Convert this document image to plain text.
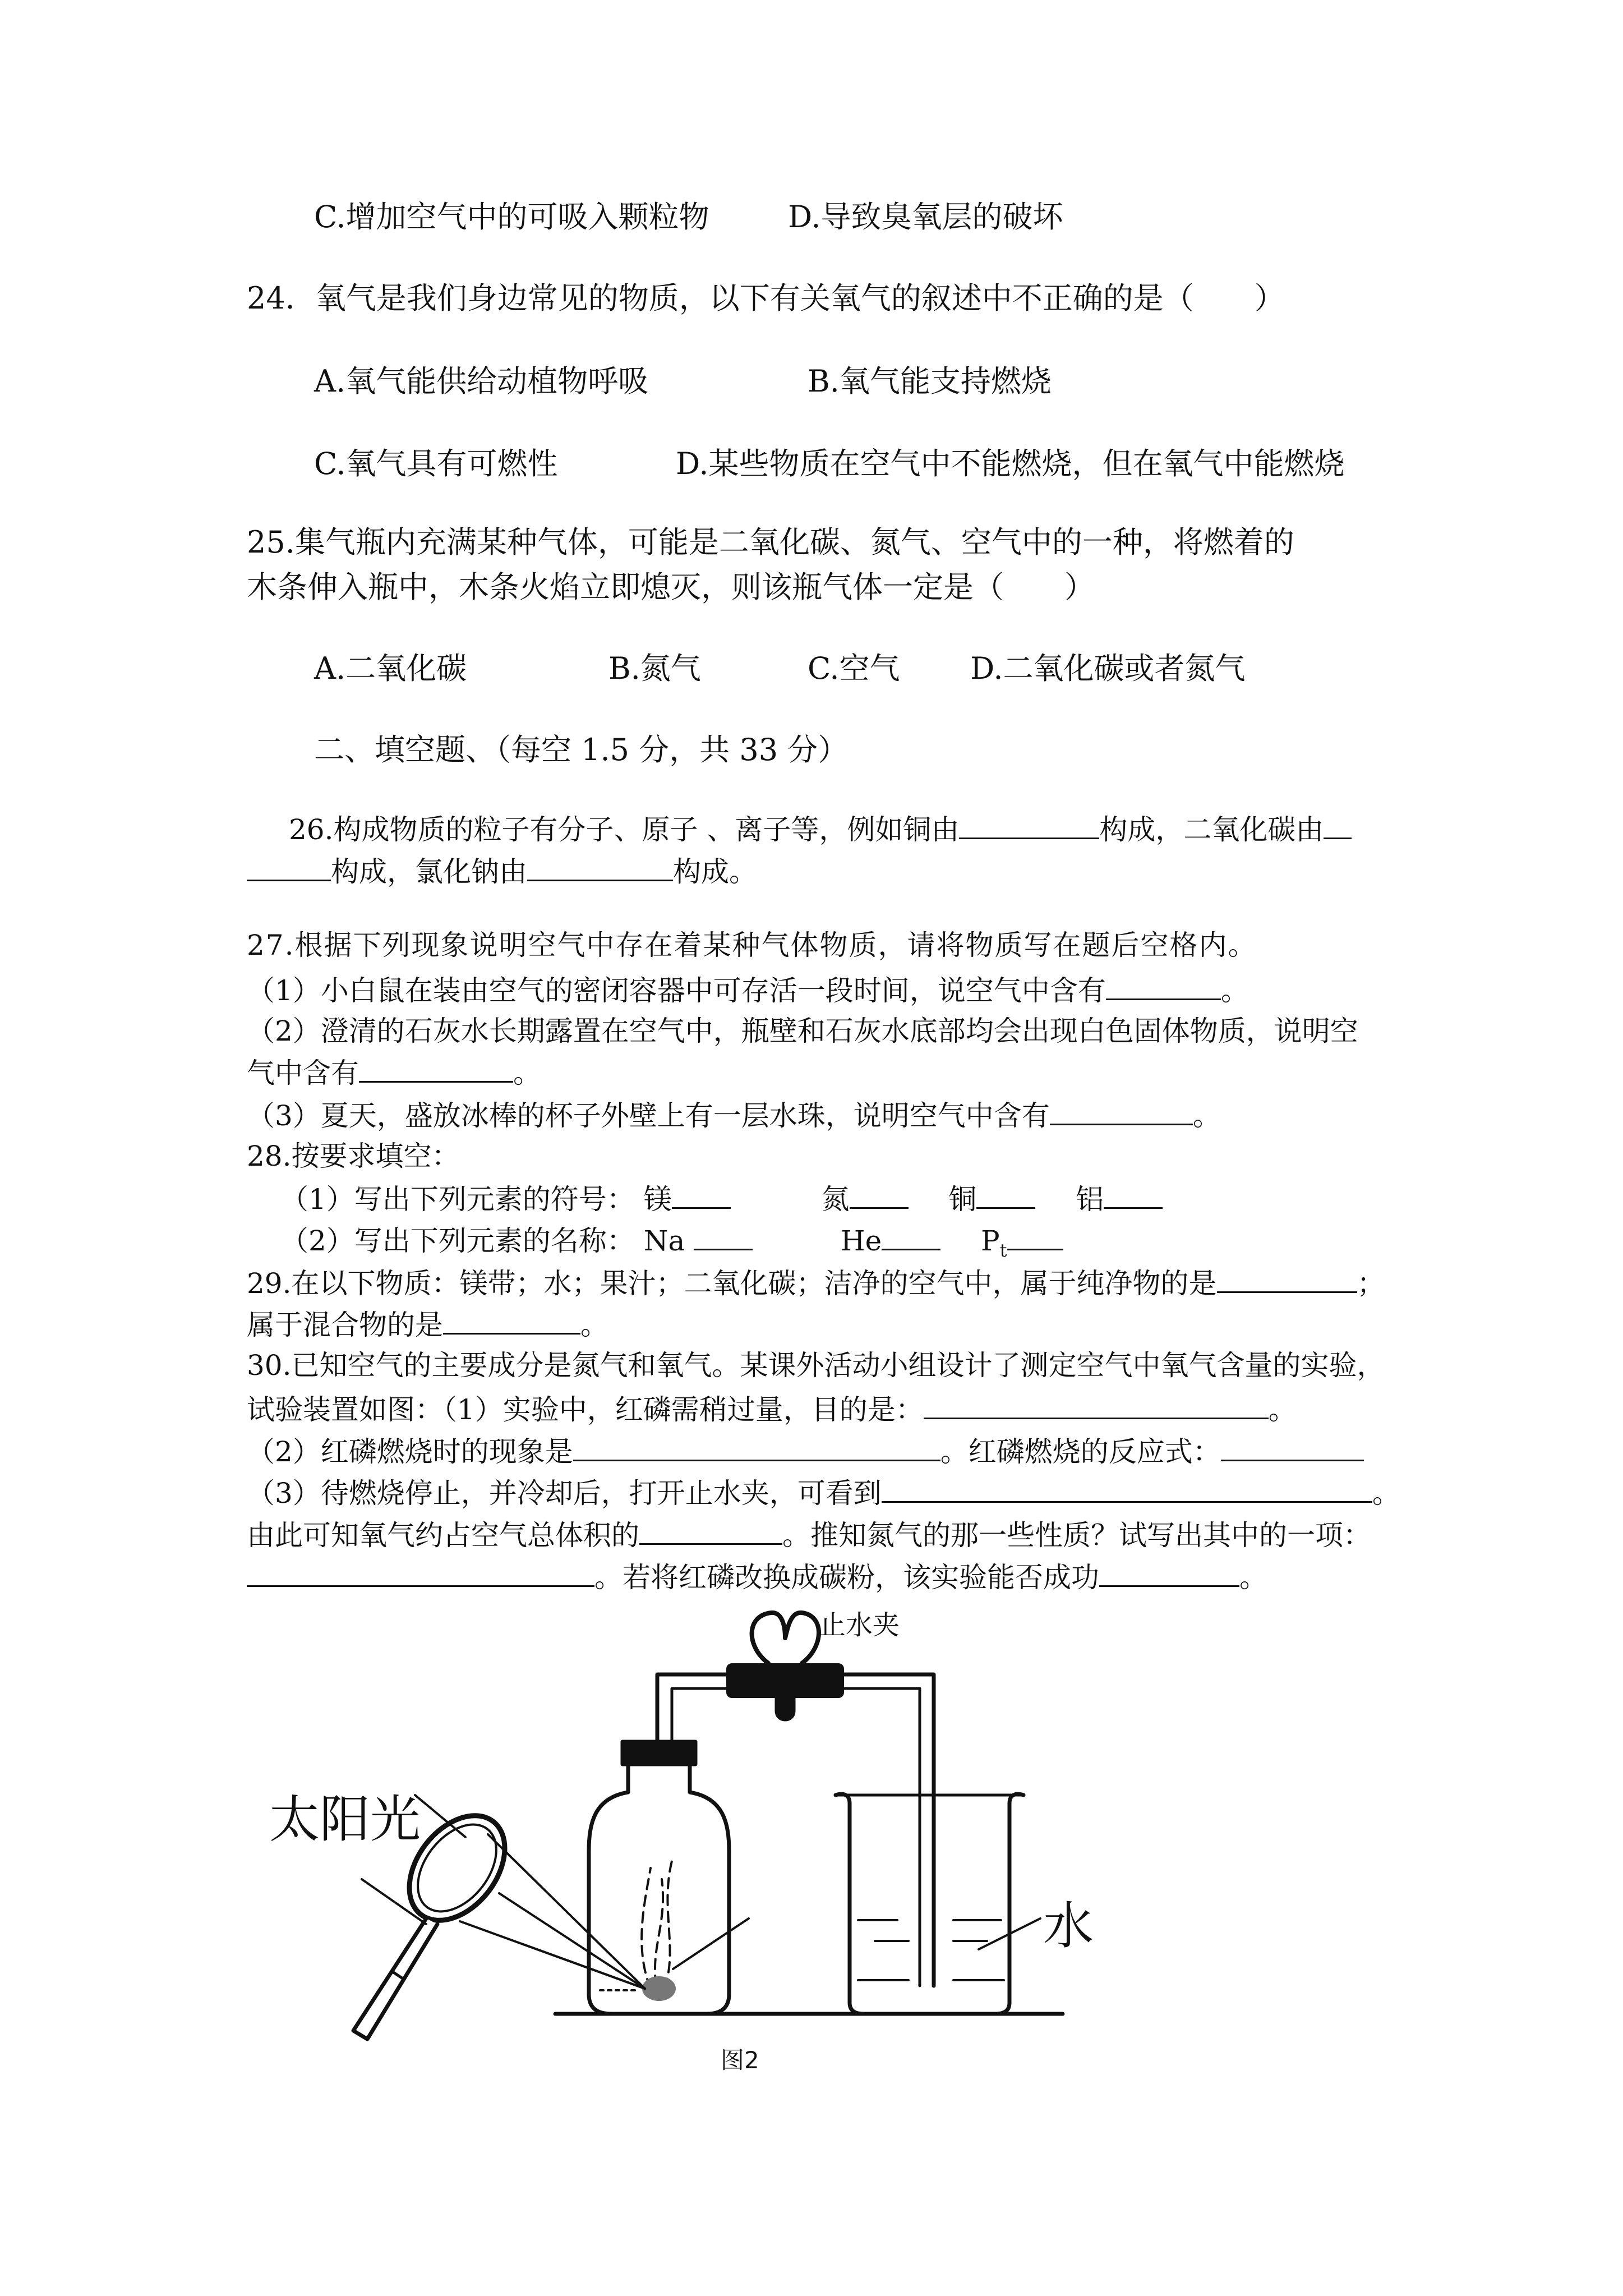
C.增加空气中的可吸入颗粒物	D.导致臭氧层的破坏
24．氧气是我们身边常见的物质，以下有关氧气的叙述中不正确的是（　　）
A.氧气能供给动植物呼吸	B.氧气能支持燃烧
C.氧气具有可燃性	D.某些物质在空气中不能燃烧，但在氧气中能燃烧
25.集气瓶内充满某种气体，可能是二氧化碳、氮气、空气中的一种，将燃着的
木条伸入瓶中，木条火焰立即熄灭，则该瓶气体一定是（　　）
A.二氧化碳	B.氮气	C.空气 D.二氧化碳或者氮气
二、填空题、（每空 1.5 分，共 33 分）
26.构成物质的粒子有分子、原子 、离子等，例如铜由	构成，二氧化碳由
构成，氯化钠由	构成。
27.根据下列现象说明空气中存在着某种气体物质，请将物质写在题后空格内。
（1）小白鼠在装由空气的密闭容器中可存活一段时间，说空气中含有	。
（2）澄清的石灰水长期露置在空气中，瓶壁和石灰水底部均会出现白色固体物质，说明空
气中含有	。
（3）夏天，盛放冰棒的杯子外壁上有一层水珠，说明空气中含有	。
28.按要求填空：
（1）写出下列元素的符号： 镁	氮	铜	铝
（2）写出下列元素的名称： Na	He	$P_t$
29.在以下物质：镁带；水；果汁；二氧化碳；洁净的空气中，属于纯净物的是	；
属于混合物的是	。
30.已知空气的主要成分是氮气和氧气。某课外活动小组设计了测定空气中氧气含量的实验，
试验装置如图：（1）实验中，红磷需稍过量，目的是：	。
（2）红磷燃烧时的现象是	。红磷燃烧的反应式：
（3）待燃烧停止，并冷却后，打开止水夹，可看到	。
由此可知氧气约占空气总体积的	。推知氮气的那一些性质？试写出其中的一项：
。若将红磷改换成碳粉，该实验能否成功	。
止水夹
太阳光
水
图2
